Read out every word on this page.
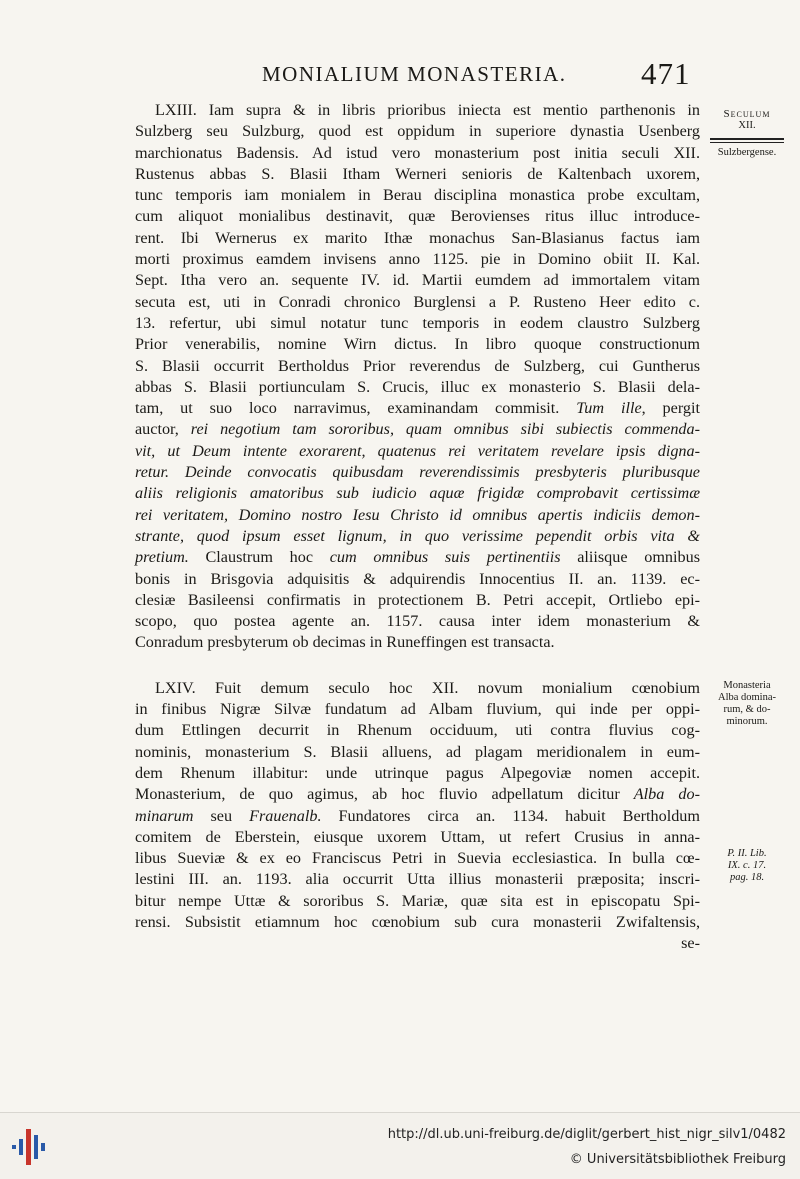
MONIALIUM MONASTERIA.	471
Seculum
XII.
Sulzbergense.
Monasteria
Alba domina-
rum, & do-
minorum.
P. II. Lib.
IX. c. 17.
pag. 18.
LXIII. Iam supra & in libris prioribus iniecta est mentio parthenonis in
Sulzberg seu Sulzburg, quod est oppidum in superiore dynastia Usenberg
marchionatus Badensis. Ad istud vero monasterium post initia seculi XII.
Rustenus abbas S. Blasii Itham Werneri senioris de Kaltenbach uxorem,
tunc temporis iam monialem in Berau disciplina monastica probe excultam,
cum aliquot monialibus destinavit, quæ Berovienses ritus illuc introduce-
rent. Ibi Wernerus ex marito Ithæ monachus San-Blasianus factus iam
morti proximus eamdem invisens anno 1125. pie in Domino obiit II. Kal.
Sept. Itha vero an. sequente IV. id. Martii eumdem ad immortalem vitam
secuta est, uti in Conradi chronico Burglensi a P. Rusteno Heer edito c.
13. refertur, ubi simul notatur tunc temporis in eodem claustro Sulzberg
Prior venerabilis, nomine Wirn dictus. In libro quoque constructionum
S. Blasii occurrit Bertholdus Prior reverendus de Sulzberg, cui Guntherus
abbas S. Blasii portiunculam S. Crucis, illuc ex monasterio S. Blasii dela-
tam, ut suo loco narravimus, examinandam commisit. Tum ille, pergit
auctor, rei negotium tam sororibus, quam omnibus sibi subiectis commenda-
vit, ut Deum intente exorarent, quatenus rei veritatem revelare ipsis digna-
retur. Deinde convocatis quibusdam reverendissimis presbyteris pluribusque
aliis religionis amatoribus sub iudicio aquæ frigidæ comprobavit certissimæ
rei veritatem, Domino nostro Iesu Christo id omnibus apertis indiciis demon-
strante, quod ipsum esset lignum, in quo verissime pependit orbis vita &
pretium. Claustrum hoc cum omnibus suis pertinentiis aliisque omnibus
bonis in Brisgovia adquisitis & adquirendis Innocentius II. an. 1139. ec-
clesiæ Basileensi confirmatis in protectionem B. Petri accepit, Ortliebo epi-
scopo, quo postea agente an. 1157. causa inter idem monasterium &
Conradum presbyterum ob decimas in Runeffingen est transacta.
LXIV. Fuit demum seculo hoc XII. novum monialium cœnobium
in finibus Nigræ Silvæ fundatum ad Albam fluvium, qui inde per oppi-
dum Ettlingen decurrit in Rhenum occiduum, uti contra fluvius cog-
nominis, monasterium S. Blasii alluens, ad plagam meridionalem in eum-
dem Rhenum illabitur: unde utrinque pagus Alpegoviæ nomen accepit.
Monasterium, de quo agimus, ab hoc fluvio adpellatum dicitur Alba do-
minarum seu Frauenalb. Fundatores circa an. 1134. habuit Bertholdum
comitem de Eberstein, eiusque uxorem Uttam, ut refert Crusius in anna-
libus Sueviæ & ex eo Franciscus Petri in Suevia ecclesiastica. In bulla cœ-
lestini III. an. 1193. alia occurrit Utta illius monasterii præposita; inscri-
bitur nempe Uttæ & sororibus S. Mariæ, quæ sita est in episcopatu Spi-
rensi. Subsistit etiamnum hoc cœnobium sub cura monasterii Zwifaltensis,
se-
http://dl.ub.uni-freiburg.de/diglit/gerbert_hist_nigr_silv1/0482
© Universitätsbibliothek Freiburg
